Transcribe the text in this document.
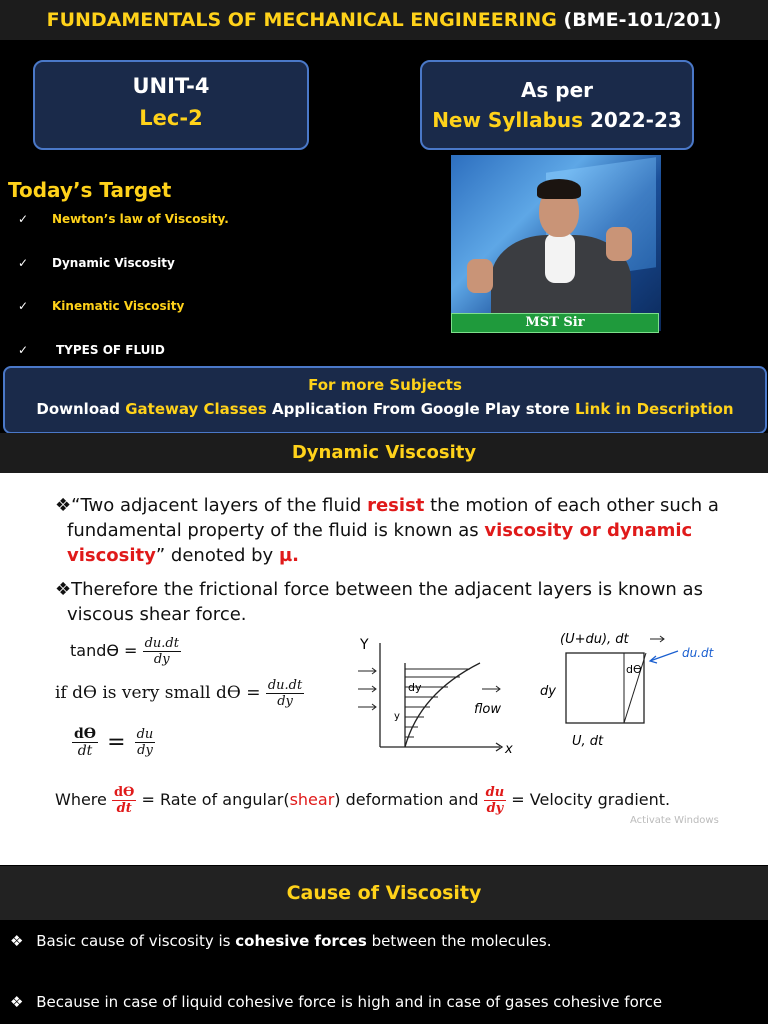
FUNDAMENTALS OF MECHANICAL ENGINEERING (BME-101/201)
UNIT-4
Lec-2
As per
New Syllabus 2022-23
Today’s Target
✓ Newton’s law of Viscosity.
✓ Dynamic Viscosity
✓ Kinematic Viscosity
✓ TYPES OF FLUID
MST Sir
For more Subjects
Download Gateway Classes Application From Google Play store Link in Description
Dynamic Viscosity
❖“Two adjacent layers of the fluid resist the motion of each other such a fundamental property of the fluid is known as viscosity or dynamic viscosity” denoted by µ.
❖Therefore the frictional force between the adjacent layers is known as viscous shear force.
$\tan dϴ = \frac{du.dt}{dy}$
if dϴ is very small $dϴ = \frac{du.dt}{dy}$
$\frac{dϴ}{dt} = \frac{du}{dy}$
Where $\frac{dϴ}{dt}$ = Rate of angular(shear) deformation and $\frac{du}{dy}$ = Velocity gradient.
Y
x
dy
y	flow
(U+du), dt
dϴ
dy
U, dt
du.dt
Activate Windows
Cause of Viscosity
❖ Basic cause of viscosity is cohesive forces between the molecules.
❖ Because in case of liquid cohesive force is high and in case of gases cohesive force
